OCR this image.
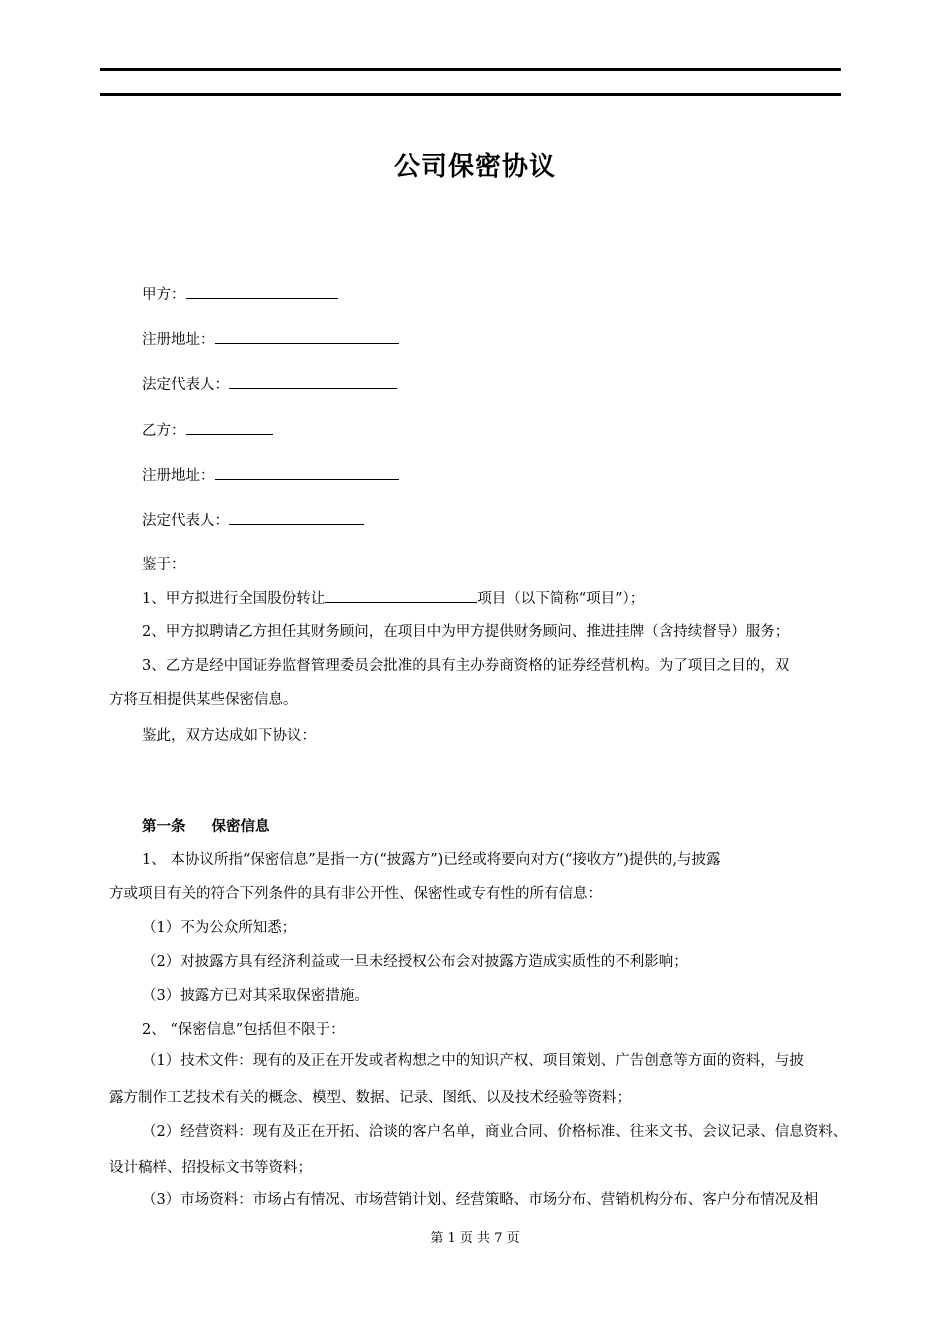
公司保密协议
甲方：
注册地址：
法定代表人：
乙方：
注册地址：
法定代表人：
鉴于：
1、甲方拟进行全国股份转让	项目（以下简称“项目”）；
2、甲方拟聘请乙方担任其财务顾问，在项目中为甲方提供财务顾问、推进挂牌（含持续督导）服务；
3、乙方是经中国证券监督管理委员会批准的具有主办券商资格的证券经营机构。为了项目之目的，双
方将互相提供某些保密信息。
鉴此，双方达成如下协议：
第一条 保密信息
1、 本协议所指“保密信息”是指一方(“披露方”)已经或将要向对方(“接收方”)提供的,与披露
方或项目有关的符合下列条件的具有非公开性、保密性或专有性的所有信息：
（1）不为公众所知悉；
（2）对披露方具有经济利益或一旦未经授权公布会对披露方造成实质性的不利影响；
（3）披露方已对其采取保密措施。
2、 “保密信息”包括但不限于：
（1）技术文件：现有的及正在开发或者构想之中的知识产权、项目策划、广告创意等方面的资料，与披
露方制作工艺技术有关的概念、模型、数据、记录、图纸、以及技术经验等资料；
（2）经营资料：现有及正在开拓、洽谈的客户名单，商业合同、价格标准、往来文书、会议记录、信息资料、
设计稿样、招投标文书等资料；
（3）市场资料：市场占有情况、市场营销计划、经营策略、市场分布、营销机构分布、客户分布情况及相
第 1 页 共 7 页
